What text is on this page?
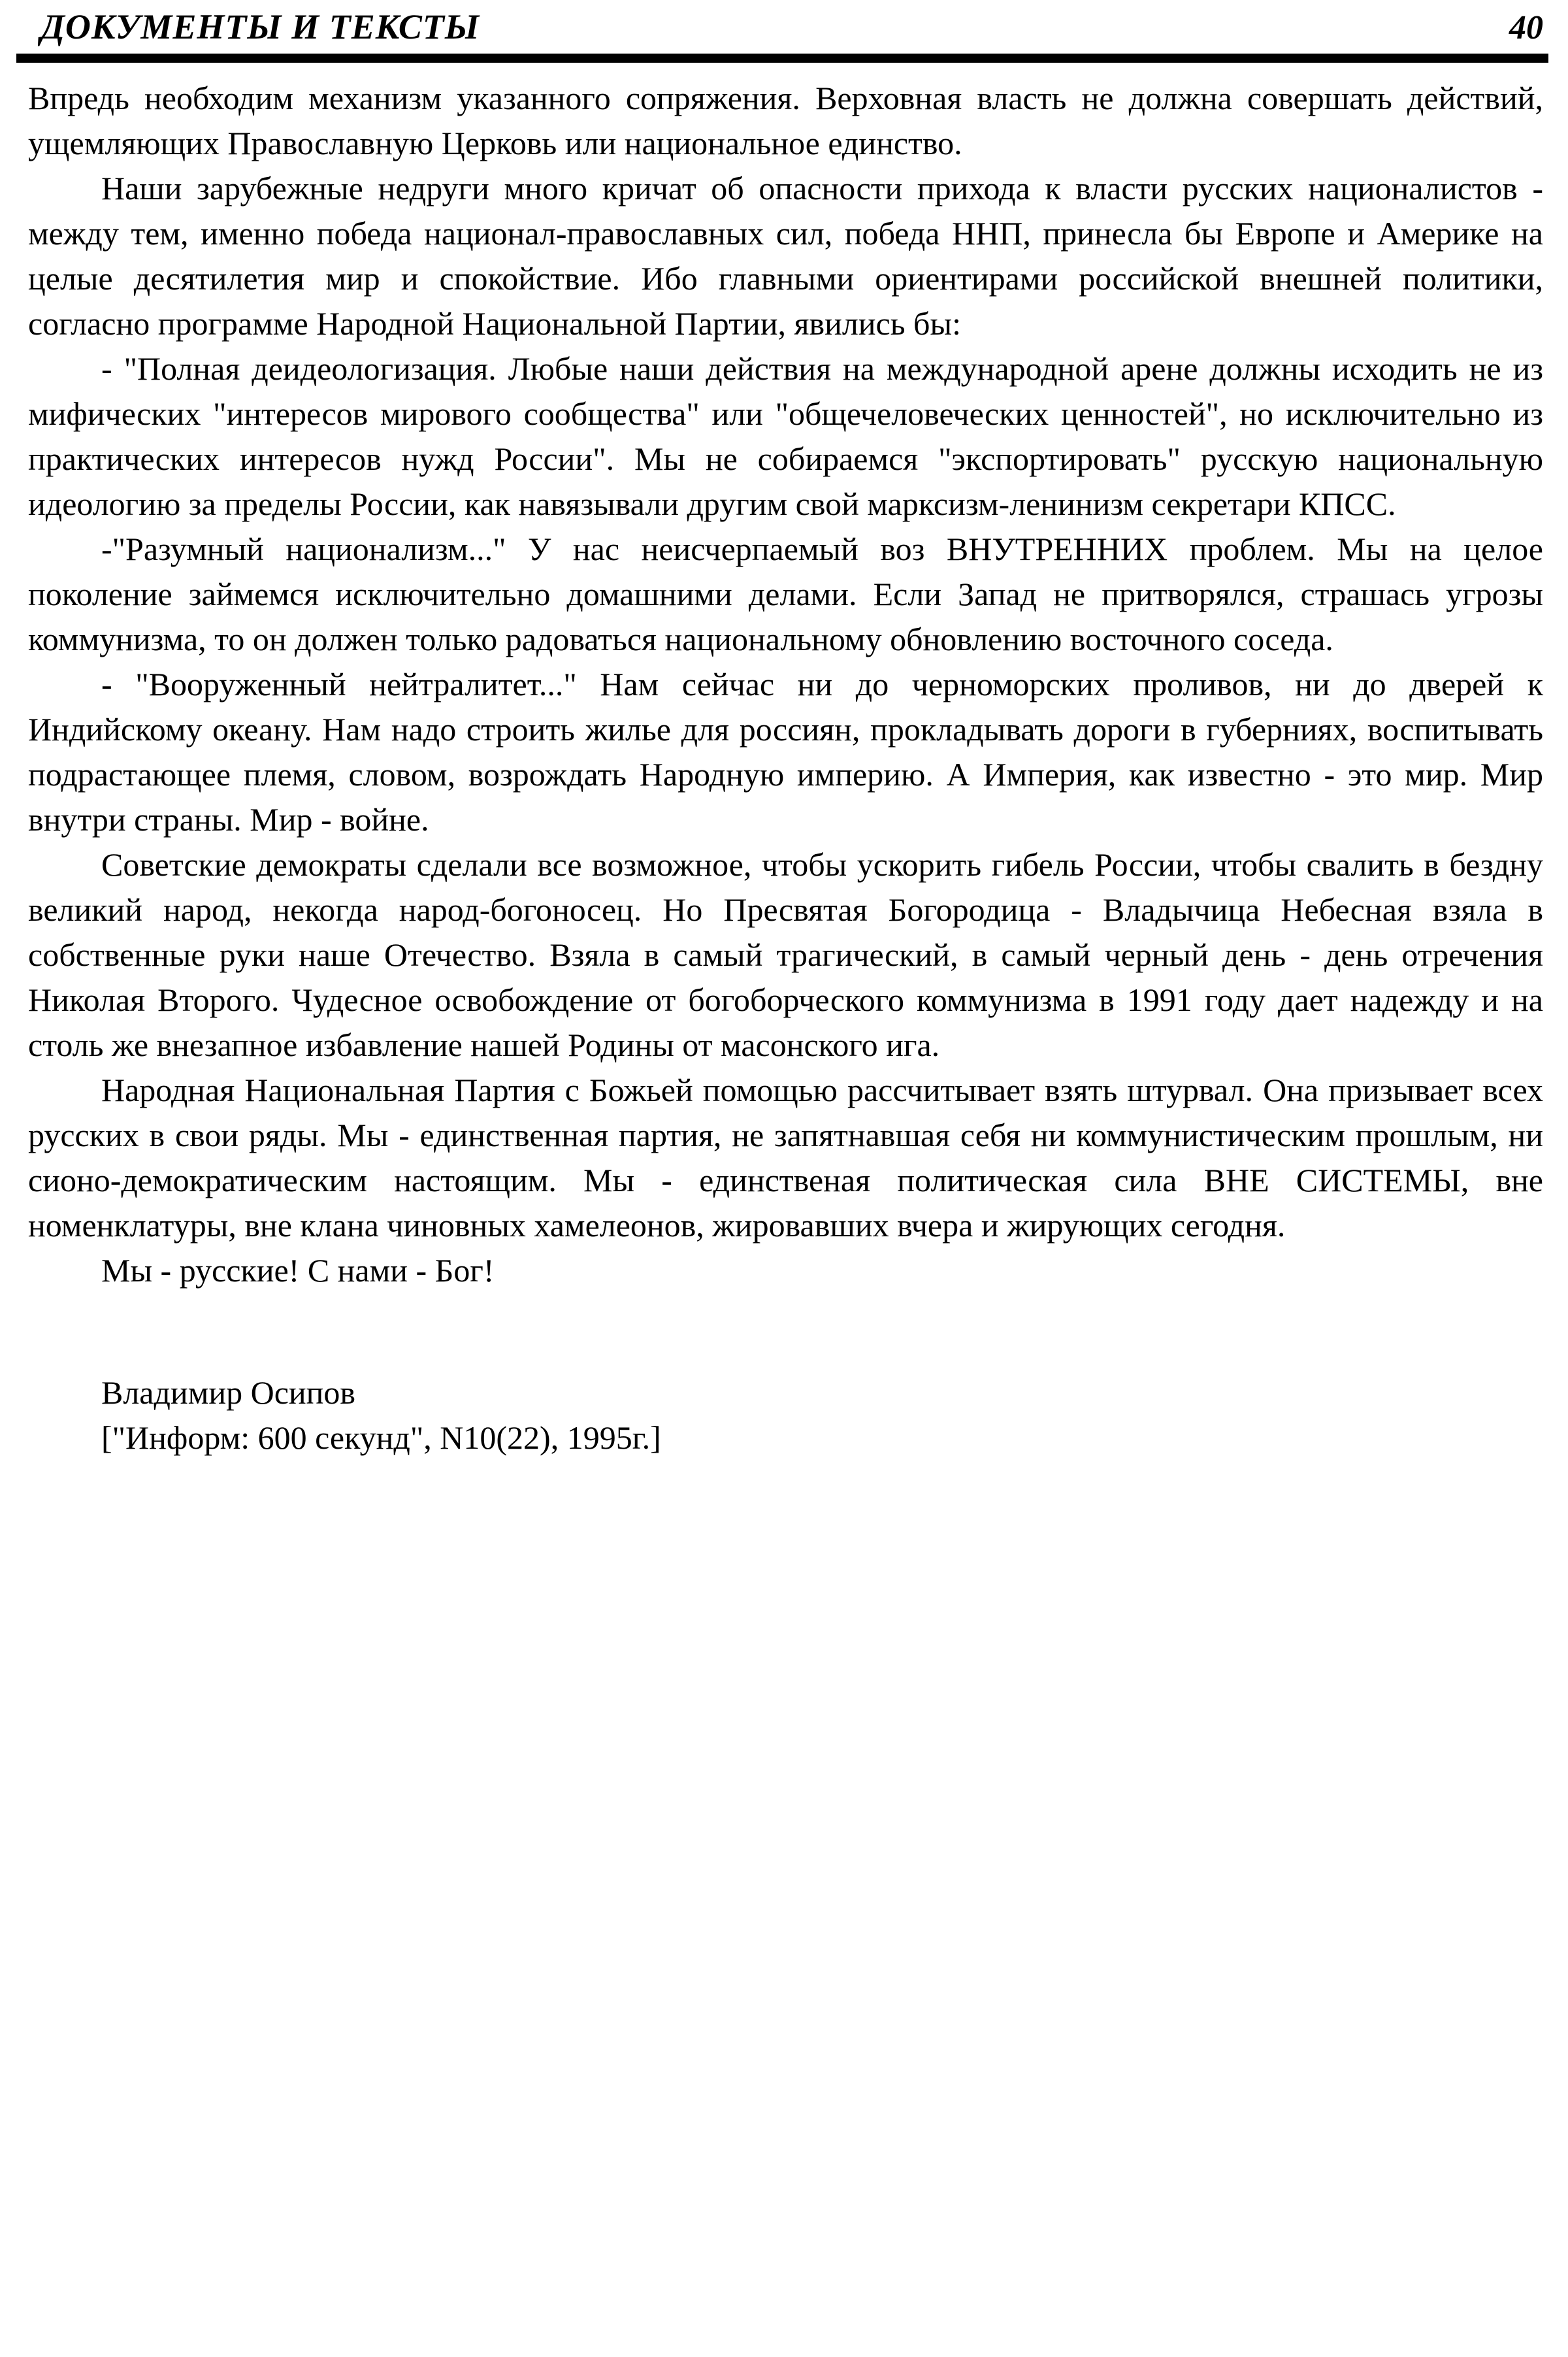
ДОКУМЕНТЫ И ТЕКСТЫ	40

Впредь необходим механизм указанного сопряжения. Верховная власть не должна совершать действий, ущемляющих Православную Церковь или национальное единство.

Наши зарубежные недруги много кричат об опасности прихода к власти русских националистов - между тем, именно победа национал-православных сил, победа ННП, принесла бы Европе и Америке на целые десятилетия мир и спокойствие. Ибо главными ориентирами российской внешней политики, согласно программе Народной Национальной Партии, явились бы:

- "Полная деидеологизация. Любые наши действия на международной арене должны исходить не из мифических "интересов мирового сообщества" или "общечеловеческих ценностей", но исключительно из практических интересов нужд России". Мы не собираемся "экспортировать" русскую национальную идеологию за пределы России, как навязывали другим свой марксизм-ленинизм секретари КПСС.

-"Разумный национализм..." У нас неисчерпаемый воз ВНУТРЕННИХ проблем. Мы на целое поколение займемся исключительно домашними делами. Если Запад не притворялся, страшась угрозы коммунизма, то он должен только радоваться национальному обновлению восточного соседа.

- "Вооруженный нейтралитет..." Нам сейчас ни до черноморских проливов, ни до дверей к Индийскому океану. Нам надо строить жилье для россиян, прокладывать дороги в губерниях, воспитывать подрастающее племя, словом, возрождать Народную империю. А Империя, как известно - это мир. Мир внутри страны. Мир - войне.

Советские демократы сделали все возможное, чтобы ускорить гибель России, чтобы свалить в бездну великий народ, некогда народ-богоносец. Но Пресвятая Богородица - Владычица Небесная взяла в собственные руки наше Отечество. Взяла в самый трагический, в самый черный день - день отречения Николая Второго. Чудесное освобождение от богоборческого коммунизма в 1991 году дает надежду и на столь же внезапное избавление нашей Родины от масонского ига.

Народная Национальная Партия с Божьей помощью рассчитывает взять штурвал. Она призывает всех русских в свои ряды. Мы - единственная партия, не запятнавшая себя ни коммунистическим прошлым, ни сионо-демократическим настоящим. Мы - единственая политическая сила ВНЕ СИСТЕМЫ, вне номенклатуры, вне клана чиновных хамелеонов, жировавших вчера и жирующих сегодня.

Мы - русские! С нами - Бог!

Владимир Осипов

["Информ: 600 секунд", N10(22), 1995г.]
